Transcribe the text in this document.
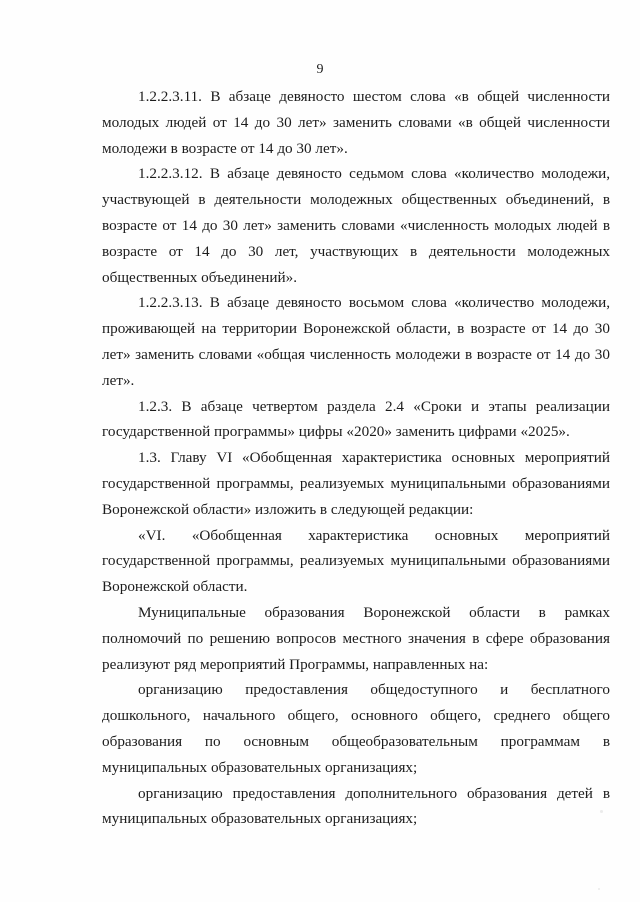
9

1.2.2.3.11. В абзаце девяносто шестом слова «в общей численности молодых людей от 14 до 30 лет» заменить словами «в общей численности молодежи в возрасте от 14 до 30 лет».

1.2.2.3.12. В абзаце девяносто седьмом слова «количество молодежи, участвующей в деятельности молодежных общественных объединений, в возрасте от 14 до 30 лет» заменить словами «численность молодых людей в возрасте от 14 до 30 лет, участвующих в деятельности молодежных общественных объединений».

1.2.2.3.13. В абзаце девяносто восьмом слова «количество молодежи, проживающей на территории Воронежской области, в возрасте от 14 до 30 лет» заменить словами «общая численность молодежи в возрасте от 14 до 30 лет».

1.2.3. В абзаце четвертом раздела 2.4 «Сроки и этапы реализации государственной программы» цифры «2020» заменить цифрами «2025».

1.3. Главу VI «Обобщенная характеристика основных мероприятий государственной программы, реализуемых муниципальными образованиями Воронежской области» изложить в следующей редакции:

«VI. «Обобщенная характеристика основных мероприятий государственной программы, реализуемых муниципальными образованиями Воронежской области.

Муниципальные образования Воронежской области в рамках полномочий по решению вопросов местного значения в сфере образования реализуют ряд мероприятий Программы, направленных на:

организацию предоставления общедоступного и бесплатного дошкольного, начального общего, основного общего, среднего общего образования по основным общеобразовательным программам в муниципальных образовательных организациях;

организацию предоставления дополнительного образования детей в муниципальных образовательных организациях;
